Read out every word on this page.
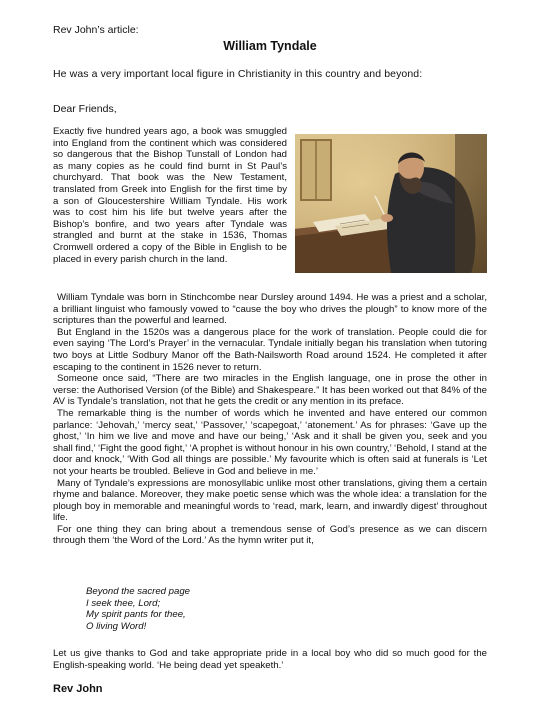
Rev John’s article:
William Tyndale
He was a very important local figure in Christianity in this country and beyond:
Dear Friends,

Exactly five hundred years ago, a book was smuggled into England from the continent which was considered so dangerous that the Bishop Tunstall of London had as many copies as he could find burnt in St Paul’s churchyard. That book was the New Testament, translated from Greek into English for the first time by a son of Gloucestershire William Tyndale. His work was to cost him his life but twelve years after the Bishop’s bonfire, and two years after Tyndale was strangled and burnt at the stake in 1536, Thomas Cromwell ordered a copy of the Bible in English to be placed in every parish church in the land.

William Tyndale was born in Stinchcombe near Dursley around 1494. He was a priest and a scholar, a brilliant linguist who famously vowed to “cause the boy who drives the plough” to know more of the scriptures than the powerful and learned.

But England in the 1520s was a dangerous place for the work of translation. People could die for even saying ‘The Lord’s Prayer’ in the vernacular. Tyndale initially began his translation when tutoring two boys at Little Sodbury Manor off the Bath-Nailsworth Road around 1524. He completed it after escaping to the continent in 1526 never to return.

Someone once said, “There are two miracles in the English language, one in prose the other in verse: the Authorised Version (of the Bible) and Shakespeare.” It has been worked out that 84% of the AV is Tyndale’s translation, not that he gets the credit or any mention in its preface.

The remarkable thing is the number of words which he invented and have entered our common parlance: ‘Jehovah,’ ‘mercy seat,’ ‘Passover,’ ‘scapegoat,’ ‘atonement.’ As for phrases: ‘Gave up the ghost,’ ‘In him we live and move and have our being,’ ‘Ask and it shall be given you, seek and you shall find,’ ‘Fight the good fight,’ ‘A prophet is without honour in his own country,’ ‘Behold, I stand at the door and knock,’ ‘With God all things are possible.’ My favourite which is often said at funerals is ‘Let not your hearts be troubled. Believe in God and believe in me.’

Many of Tyndale’s expressions are monosyllabic unlike most other translations, giving them a certain rhyme and balance. Moreover, they make poetic sense which was the whole idea: a translation for the plough boy in memorable and meaningful words to ‘read, mark, learn, and inwardly digest’ throughout life.

For one thing they can bring about a tremendous sense of God’s presence as we can discern through them ‘the Word of the Lord.’ As the hymn writer put it,

Beyond the sacred page
I seek thee, Lord;
My spirit pants for thee,
O living Word!
Let us give thanks to God and take appropriate pride in a local boy who did so much good for the English-speaking world. ‘He being dead yet speaketh.’
Rev John
